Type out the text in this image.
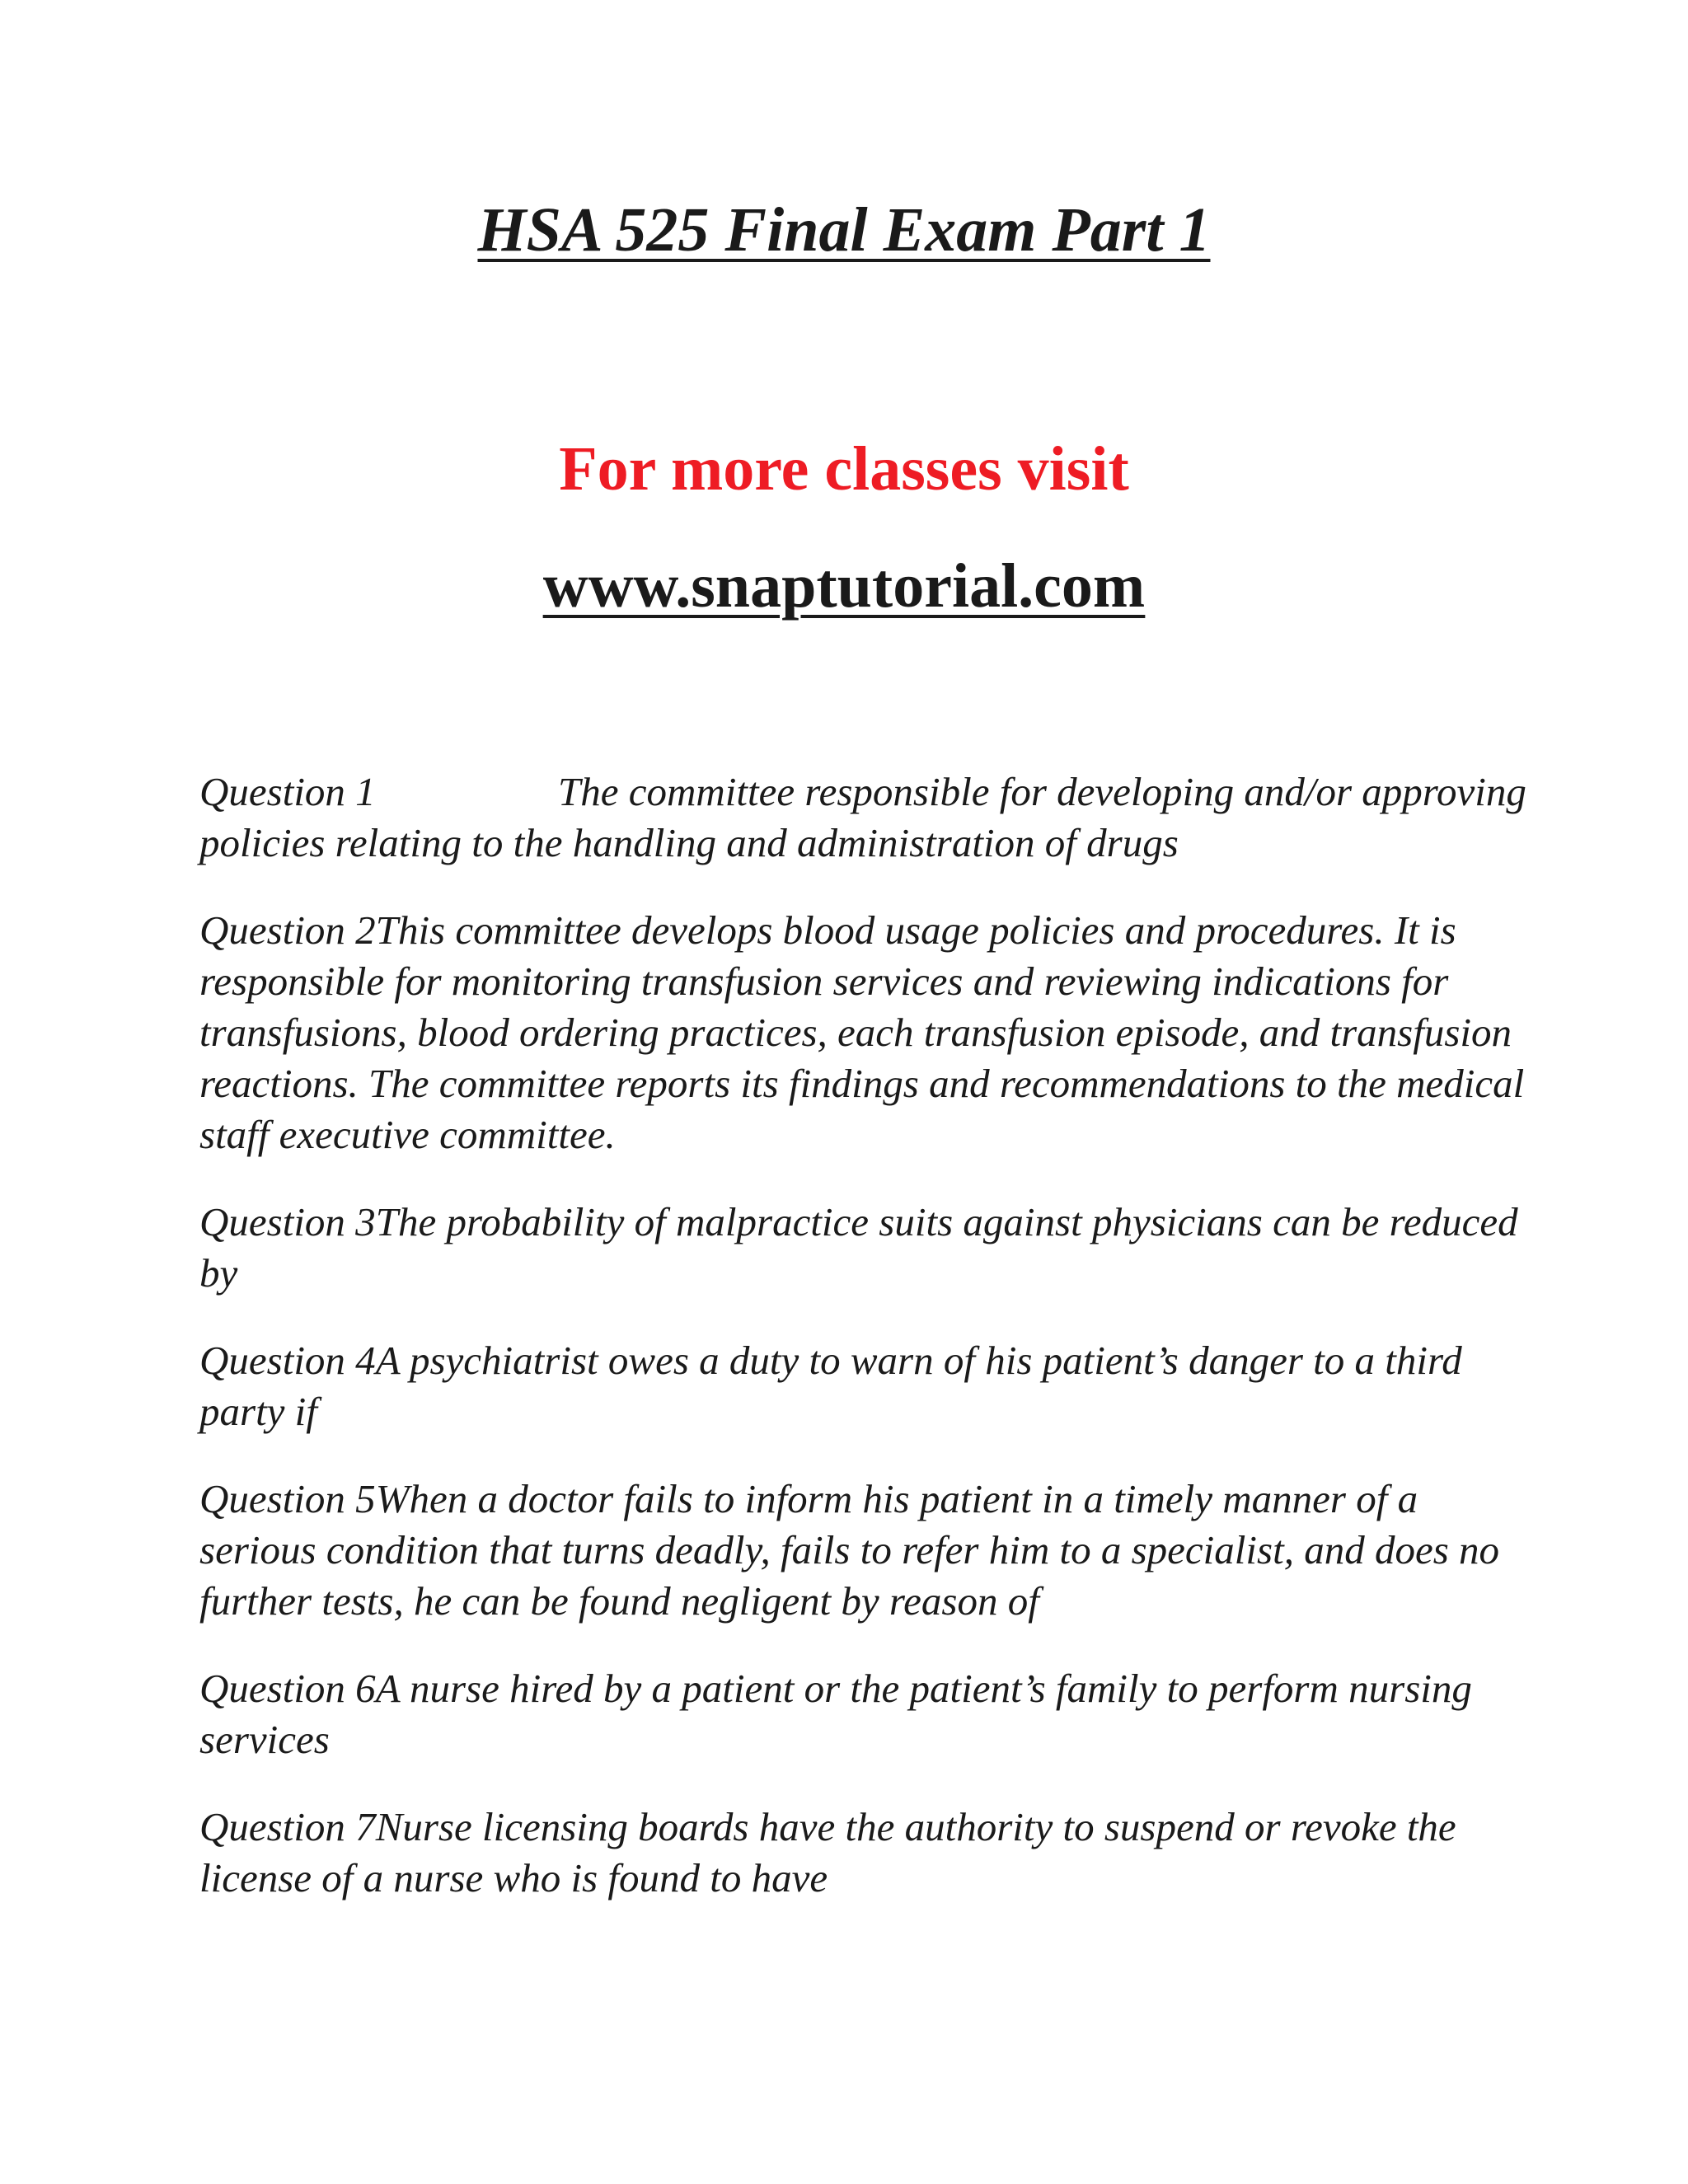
HSA 525 Final Exam Part 1
For more classes visit
www.snaptutorial.com

Question 1	The committee responsible for developing and/or approving policies relating to the handling and administration of drugs

Question 2This committee develops blood usage policies and procedures. It is responsible for monitoring transfusion services and reviewing indications for transfusions, blood ordering practices, each transfusion episode, and transfusion reactions. The committee reports its findings and recommendations to the medical staff executive committee.

Question 3The probability of malpractice suits against physicians can be reduced by

Question 4A psychiatrist owes a duty to warn of his patient’s danger to a third party if

Question 5When a doctor fails to inform his patient in a timely manner of a serious condition that turns deadly, fails to refer him to a specialist, and does no further tests, he can be found negligent by reason of

Question 6A nurse hired by a patient or the patient’s family to perform nursing services

Question 7Nurse licensing boards have the authority to suspend or revoke the license of a nurse who is found to have
